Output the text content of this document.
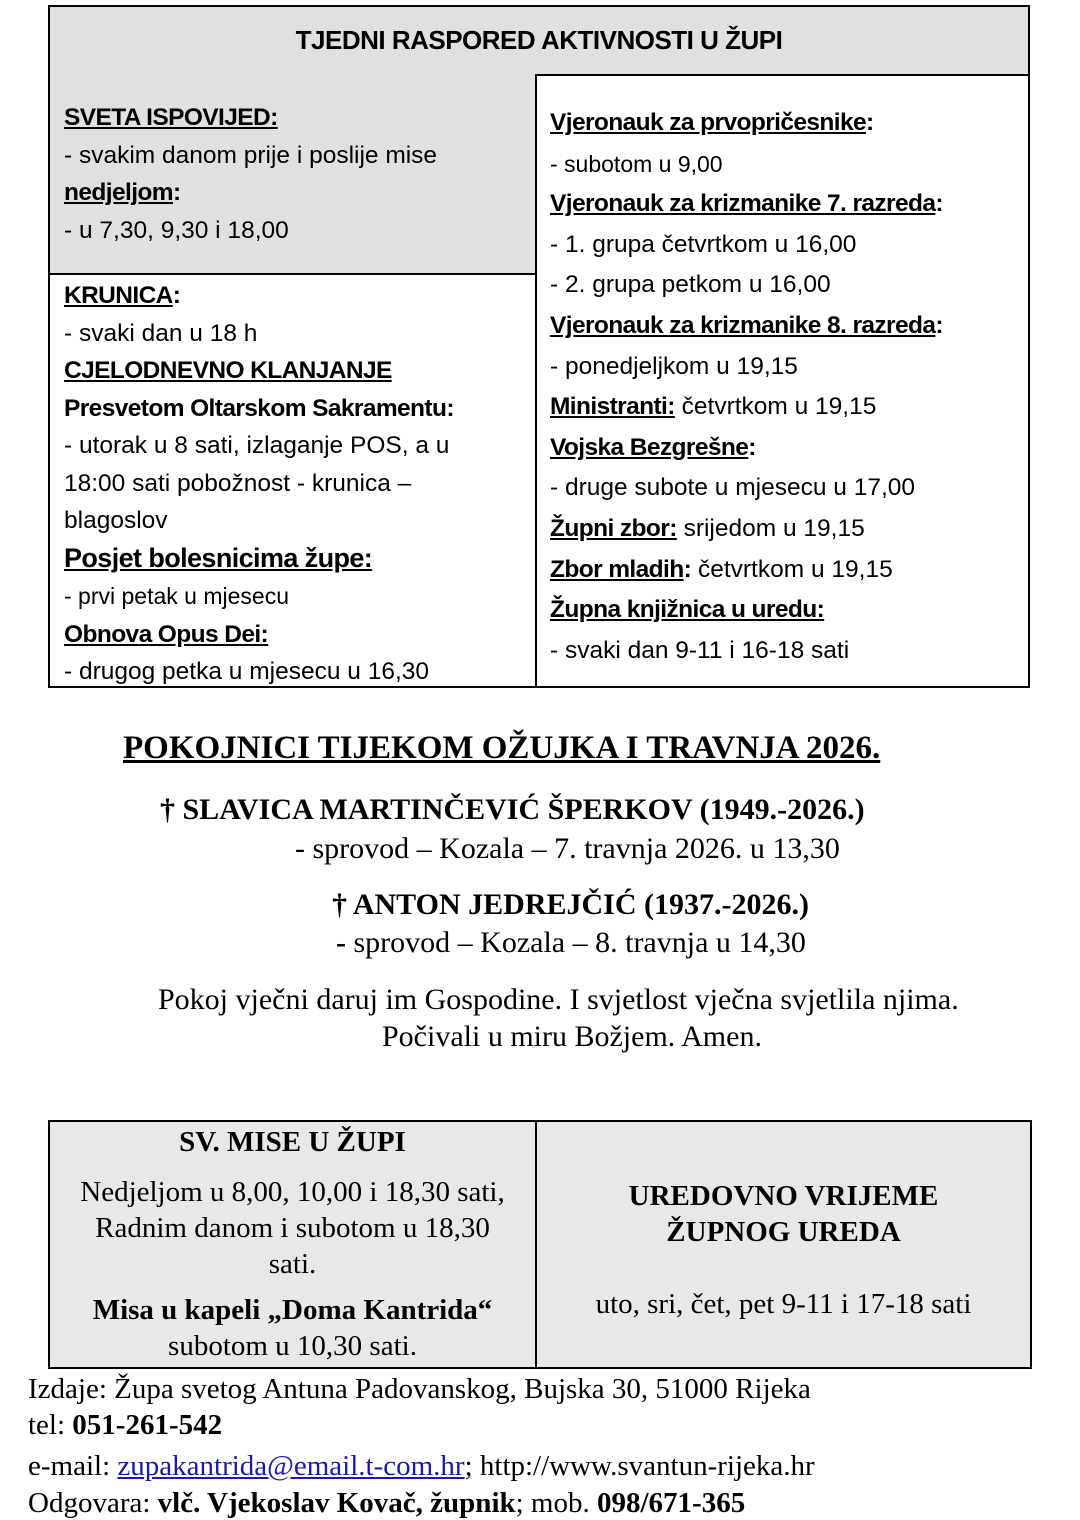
TJEDNI RASPORED AKTIVNOSTI U ŽUPI

SVETA ISPOVIJED:

- svakim danom prije i poslije mise

nedjeljom:

- u 7,30, 9,30 i 18,00

KRUNICA:

- svaki dan u 18 h

CJELODNEVNO KLANJANJE

Presvetom Oltarskom Sakramentu:

- utorak u 8 sati, izlaganje POS, a u

18:00 sati pobožnost - krunica –

blagoslov

Posjet bolesnicima župe:

- prvi petak u mjesecu

Obnova Opus Dei:

- drugog petka u mjesecu u 16,30

Vjeronauk za prvopričesnike:

- subotom u 9,00

Vjeronauk za krizmanike 7. razreda:

- 1. grupa četvrtkom u 16,00

- 2. grupa petkom u 16,00

Vjeronauk za krizmanike 8. razreda:

- ponedjeljkom u 19,15

Ministranti: četvrtkom u 19,15

Vojska Bezgrešne:

- druge subote u mjesecu u 17,00

Župni zbor: srijedom u 19,15

Zbor mladih: četvrtkom u 19,15

Župna knjižnica u uredu:

- svaki dan 9-11 i 16-18 sati

POKOJNICI TIJEKOM OŽUJKA I TRAVNJA 2026.
† SLAVICA MARTINČEVIĆ ŠPERKOV (1949.-2026.)
- sprovod – Kozala – 7. travnja 2026. u 13,30
† ANTON JEDREJČIĆ (1937.-2026.)
- sprovod – Kozala – 8. travnja u 14,30
Pokoj vječni daruj im Gospodine. I svjetlost vječna svjetlila njima.
Počivali u miru Božjem. Amen.
SV. MISE U ŽUPI
Nedjeljom u 8,00, 10,00 i 18,30 sati,
Radnim danom i subotom u 18,30
sati.
Misa u kapeli „Doma Kantrida“
subotom u 10,30 sati.
UREDOVNO VRIJEME
ŽUPNOG UREDA
uto, sri, čet, pet 9-11 i 17-18 sati
Izdaje: Župa svetog Antuna Padovanskog, Bujska 30, 51000 Rijeka
tel: 051-261-542
e-mail: zupakantrida@email.t-com.hr; http://www.svantun-rijeka.hr
Odgovara: vlč. Vjekoslav Kovač, župnik; mob. 098/671-365
